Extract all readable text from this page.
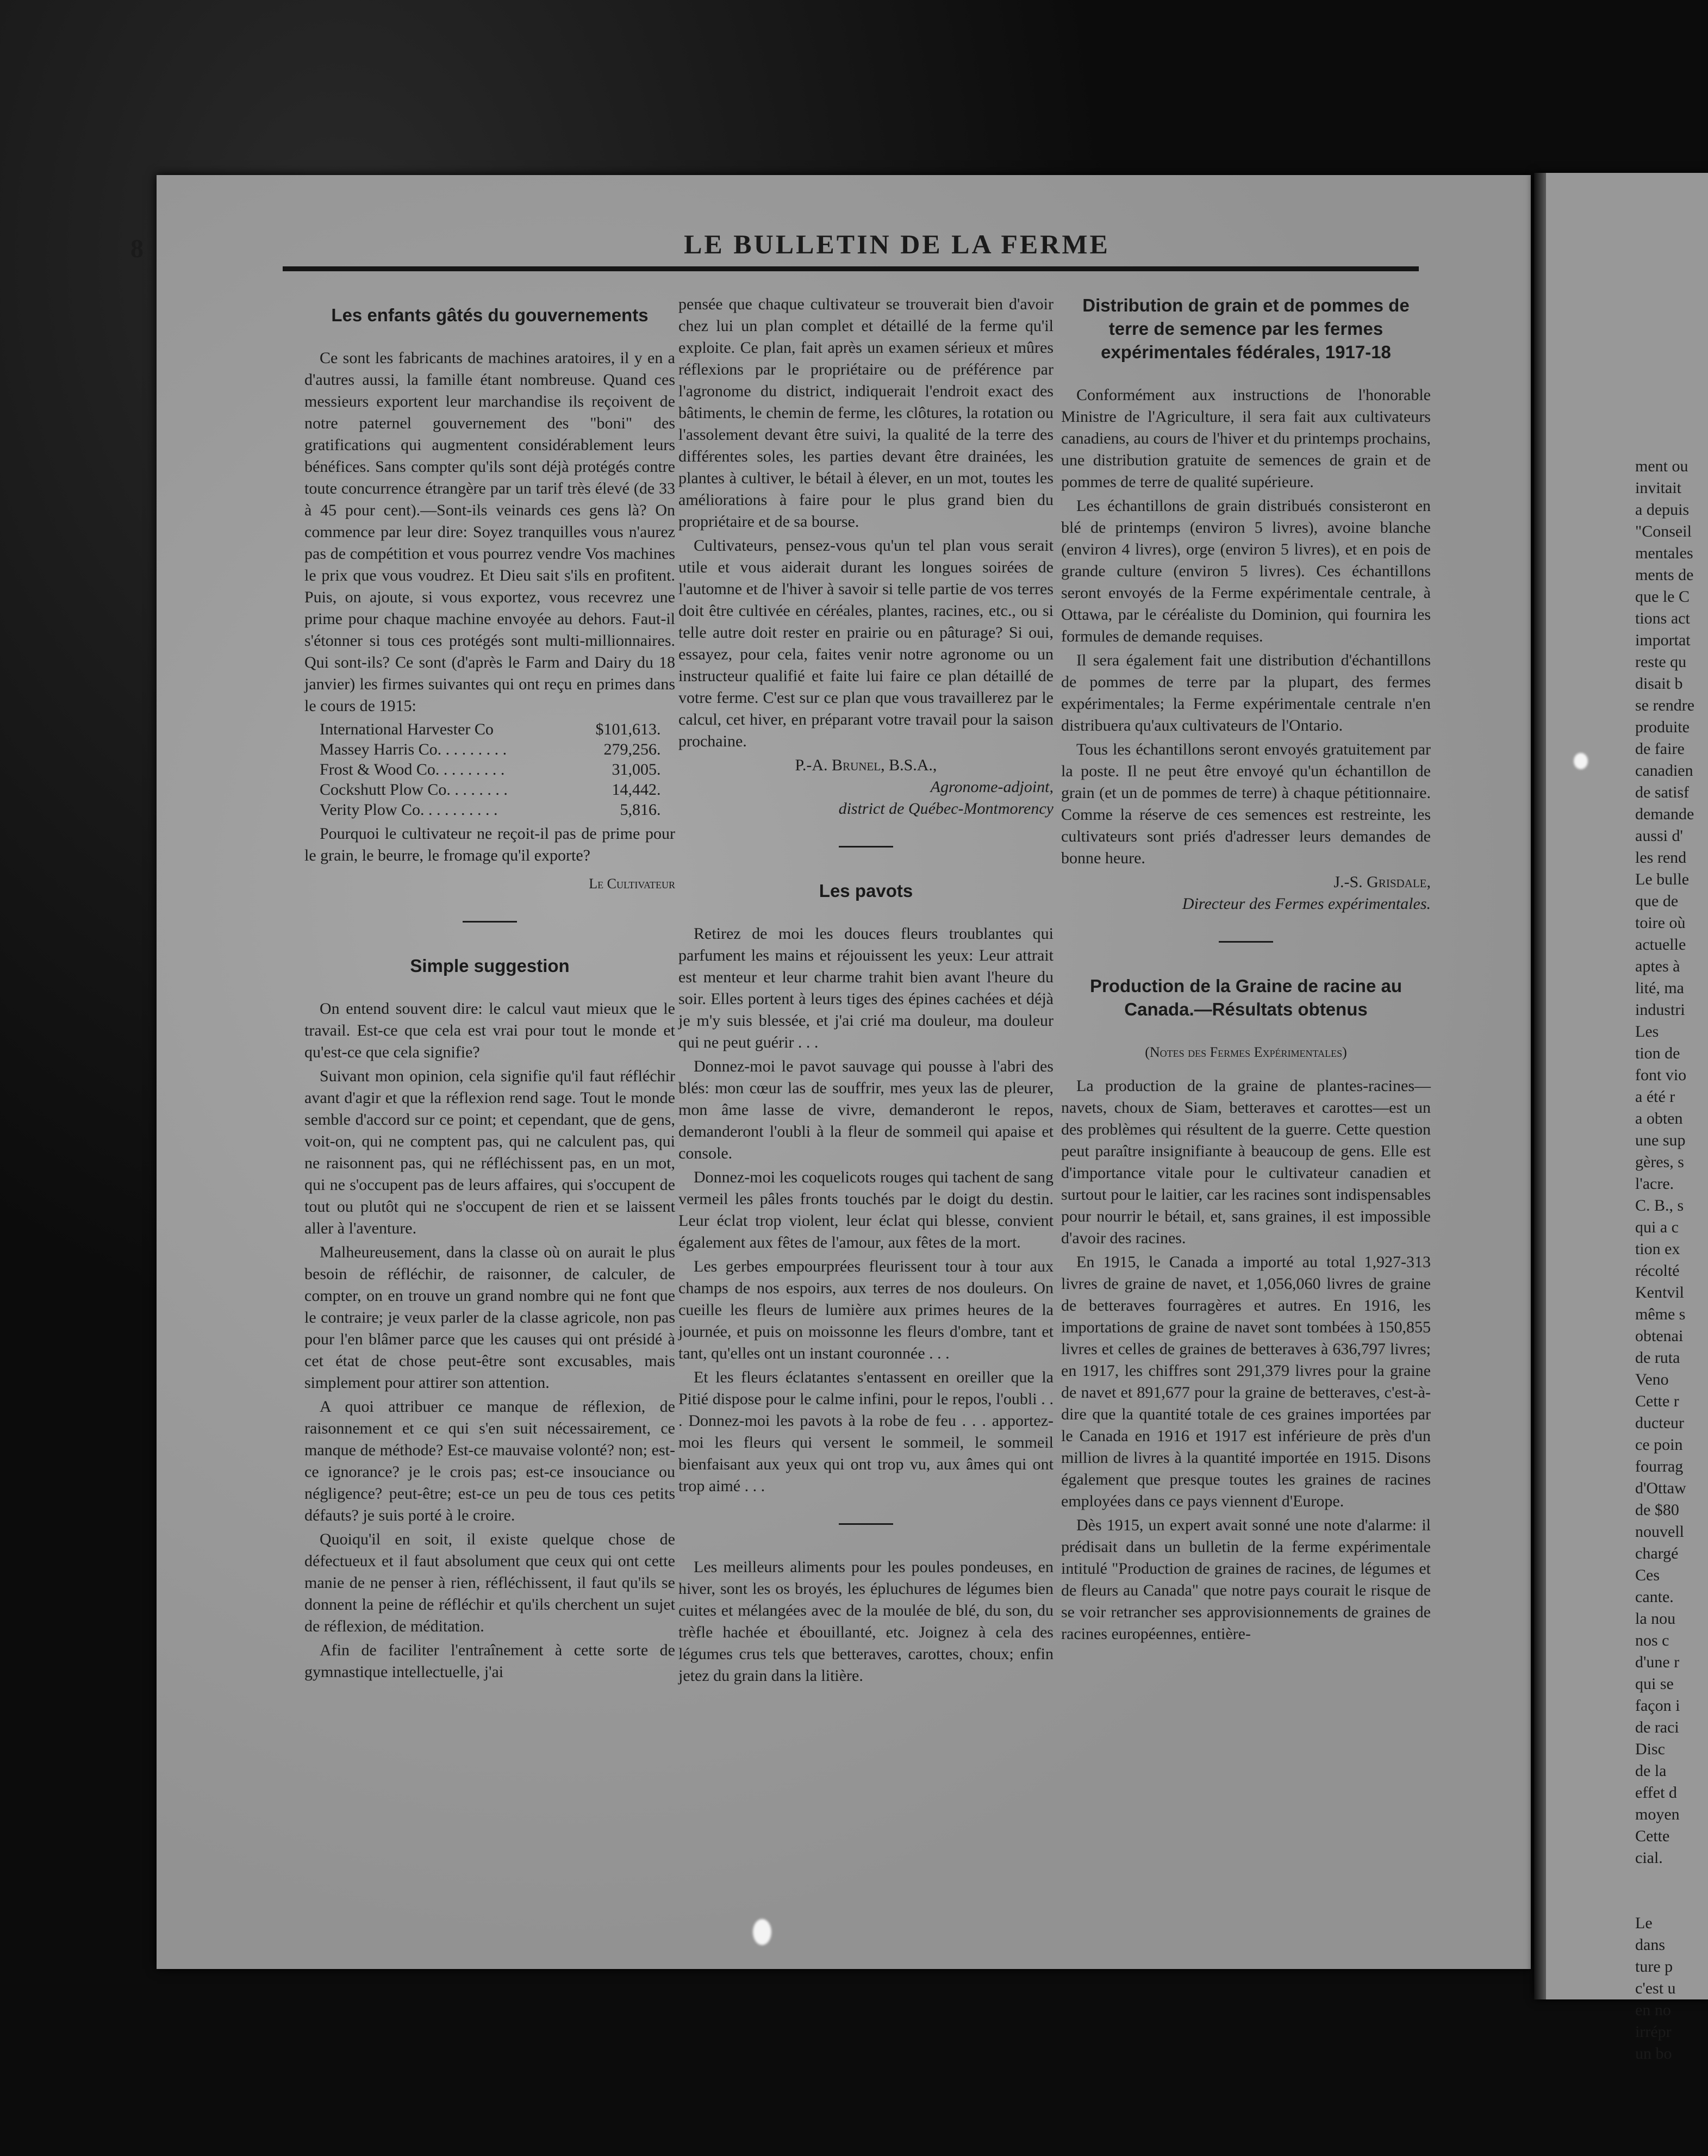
ment ou
invitait
a depuis
"Conseil
mentales
ments de
que le C
tions act
importat
reste qu
disait b
se rendre
produite
de faire
canadien
de satisf
demande
aussi d'
les rend
Le bulle
que de
toire où
actuelle
aptes à
lité, ma
industri
Les
tion de
font vio
a été r
a obten
une sup
gères, s
l'acre.
C. B., s
qui a c
tion ex
récolté
Kentvil
même s
obtenai
de ruta
Veno
Cette r
ducteur
ce poin
fourrag
d'Ottaw
de $80
nouvell
chargé
Ces
cante.
la nou
nos c
d'une r
qui se
façon i
de raci
Disc
de la
effet d
moyen
Cette
cial.

Le
dans
ture p
c'est u
en no
irrépr
un bo
8	LE BULLETIN DE LA FERME
Les enfants gâtés du gouvernements

Ce sont les fabricants de machines aratoires, il y en a d'autres aussi, la famille étant nombreuse. Quand ces messieurs exportent leur marchandise ils reçoivent de notre paternel gouvernement des "boni" des gratifications qui augmentent considérablement leurs bénéfices. Sans compter qu'ils sont déjà protégés contre toute concurrence étrangère par un tarif très élevé (de 33 à 45 pour cent).—Sont-ils veinards ces gens là? On commence par leur dire: Soyez tranquilles vous n'aurez pas de compétition et vous pourrez vendre Vos machines le prix que vous voudrez. Et Dieu sait s'ils en profitent. Puis, on ajoute, si vous exportez, vous recevrez une prime pour chaque machine envoyée au dehors. Faut-il s'étonner si tous ces protégés sont multi-millionnaires. Qui sont-ils? Ce sont (d'après le Farm and Dairy du 18 janvier) les firmes suivantes qui ont reçu en primes dans le cours de 1915:

International Harvester Co	$101,613.
Massey Harris Co. . . . . . . . .	279,256.
Frost & Wood Co. . . . . . . . .	31,005.
Cockshutt Plow Co. . . . . . . .	14,442.
Verity Plow Co. . . . . . . . . .	5,816.

Pourquoi le cultivateur ne reçoit-il pas de prime pour le grain, le beurre, le fromage qu'il exporte?

Le Cultivateur
Simple suggestion

On entend souvent dire: le calcul vaut mieux que le travail. Est-ce que cela est vrai pour tout le monde et qu'est-ce que cela signifie?

Suivant mon opinion, cela signifie qu'il faut réfléchir avant d'agir et que la réflexion rend sage. Tout le monde semble d'accord sur ce point; et cependant, que de gens, voit-on, qui ne comptent pas, qui ne calculent pas, qui ne raisonnent pas, qui ne réfléchissent pas, en un mot, qui ne s'occupent pas de leurs affaires, qui s'occupent de tout ou plutôt qui ne s'occupent de rien et se laissent aller à l'aventure.

Malheureusement, dans la classe où on aurait le plus besoin de réfléchir, de raisonner, de calculer, de compter, on en trouve un grand nombre qui ne font que le contraire; je veux parler de la classe agricole, non pas pour l'en blâmer parce que les causes qui ont présidé à cet état de chose peut-être sont excusables, mais simplement pour attirer son attention.

A quoi attribuer ce manque de réflexion, de raisonnement et ce qui s'en suit nécessairement, ce manque de méthode? Est-ce mauvaise volonté? non; est-ce ignorance? je le crois pas; est-ce insouciance ou négligence? peut-être; est-ce un peu de tous ces petits défauts? je suis porté à le croire.

Quoiqu'il en soit, il existe quelque chose de défectueux et il faut absolument que ceux qui ont cette manie de ne penser à rien, réfléchissent, il faut qu'ils se donnent la peine de réfléchir et qu'ils cherchent un sujet de réflexion, de méditation.

Afin de faciliter l'entraînement à cette sorte de gymnastique intellectuelle, j'ai

pensée que chaque cultivateur se trouverait bien d'avoir chez lui un plan complet et détaillé de la ferme qu'il exploite. Ce plan, fait après un examen sérieux et mûres réflexions par le propriétaire ou de préférence par l'agronome du district, indiquerait l'endroit exact des bâtiments, le chemin de ferme, les clôtures, la rotation ou l'assolement devant être suivi, la qualité de la terre des différentes soles, les parties devant être drainées, les plantes à cultiver, le bétail à élever, en un mot, toutes les améliorations à faire pour le plus grand bien du propriétaire et de sa bourse.

Cultivateurs, pensez-vous qu'un tel plan vous serait utile et vous aiderait durant les longues soirées de l'automne et de l'hiver à savoir si telle partie de vos terres doit être cultivée en céréales, plantes, racines, etc., ou si telle autre doit rester en prairie ou en pâturage? Si oui, essayez, pour cela, faites venir notre agronome ou un instructeur qualifié et faite lui faire ce plan détaillé de votre ferme. C'est sur ce plan que vous travaillerez par le calcul, cet hiver, en préparant votre travail pour la saison prochaine.

P.-A. Brunel, B.S.A.,
Agronome-adjoint,
district de Québec-Montmorency
Les pavots

Retirez de moi les douces fleurs troublantes qui parfument les mains et réjouissent les yeux: Leur attrait est menteur et leur charme trahit bien avant l'heure du soir. Elles portent à leurs tiges des épines cachées et déjà je m'y suis blessée, et j'ai crié ma douleur, ma douleur qui ne peut guérir . . .

Donnez-moi le pavot sauvage qui pousse à l'abri des blés: mon cœur las de souffrir, mes yeux las de pleurer, mon âme lasse de vivre, demanderont le repos, demanderont l'oubli à la fleur de sommeil qui apaise et console.

Donnez-moi les coquelicots rouges qui tachent de sang vermeil les pâles fronts touchés par le doigt du destin. Leur éclat trop violent, leur éclat qui blesse, convient également aux fêtes de l'amour, aux fêtes de la mort.

Les gerbes empourprées fleurissent tour à tour aux champs de nos espoirs, aux terres de nos douleurs. On cueille les fleurs de lumière aux primes heures de la journée, et puis on moissonne les fleurs d'ombre, tant et tant, qu'elles ont un instant couronnée . . .

Et les fleurs éclatantes s'entassent en oreiller que la Pitié dispose pour le calme infini, pour le repos, l'oubli . . . Donnez-moi les pavots à la robe de feu . . . apportez-moi les fleurs qui versent le sommeil, le sommeil bienfaisant aux yeux qui ont trop vu, aux âmes qui ont trop aimé . . .

Les meilleurs aliments pour les poules pondeuses, en hiver, sont les os broyés, les épluchures de légumes bien cuites et mélangées avec de la moulée de blé, du son, du trèfle hachée et ébouillanté, etc. Joignez à cela des légumes crus tels que betteraves, carottes, choux; enfin jetez du grain dans la litière.

Distribution de grain et de pommes de terre de semence par les fermes expérimentales fédérales, 1917-18

Conformément aux instructions de l'honorable Ministre de l'Agriculture, il sera fait aux cultivateurs canadiens, au cours de l'hiver et du printemps prochains, une distribution gratuite de semences de grain et de pommes de terre de qualité supérieure.

Les échantillons de grain distribués consisteront en blé de printemps (environ 5 livres), avoine blanche (environ 4 livres), orge (environ 5 livres), et en pois de grande culture (environ 5 livres). Ces échantillons seront envoyés de la Ferme expérimentale centrale, à Ottawa, par le céréaliste du Dominion, qui fournira les formules de demande requises.

Il sera également fait une distribution d'échantillons de pommes de terre par la plupart, des fermes expérimentales; la Ferme expérimentale centrale n'en distribuera qu'aux cultivateurs de l'Ontario.

Tous les échantillons seront envoyés gratuitement par la poste. Il ne peut être envoyé qu'un échantillon de grain (et un de pommes de terre) à chaque pétitionnaire. Comme la réserve de ces semences est restreinte, les cultivateurs sont priés d'adresser leurs demandes de bonne heure.

J.-S. Grisdale,
Directeur des Fermes expérimentales.
Production de la Graine de racine au Canada.—Résultats obtenus
(Notes des Fermes Expérimentales)

La production de la graine de plantes-racines—navets, choux de Siam, betteraves et carottes—est un des problèmes qui résultent de la guerre. Cette question peut paraître insignifiante à beaucoup de gens. Elle est d'importance vitale pour le cultivateur canadien et surtout pour le laitier, car les racines sont indispensables pour nourrir le bétail, et, sans graines, il est impossible d'avoir des racines.

En 1915, le Canada a importé au total 1,927-313 livres de graine de navet, et 1,056,060 livres de graine de betteraves fourragères et autres. En 1916, les importations de graine de navet sont tombées à 150,855 livres et celles de graines de betteraves à 636,797 livres; en 1917, les chiffres sont 291,379 livres pour la graine de navet et 891,677 pour la graine de betteraves, c'est-à-dire que la quantité totale de ces graines importées par le Canada en 1916 et 1917 est inférieure de près d'un million de livres à la quantité importée en 1915. Disons également que presque toutes les graines de racines employées dans ce pays viennent d'Europe.

Dès 1915, un expert avait sonné une note d'alarme: il prédisait dans un bulletin de la ferme expérimentale intitulé "Production de graines de racines, de légumes et de fleurs au Canada" que notre pays courait le risque de se voir retrancher ses approvisionnements de graines de racines européennes, entière-
